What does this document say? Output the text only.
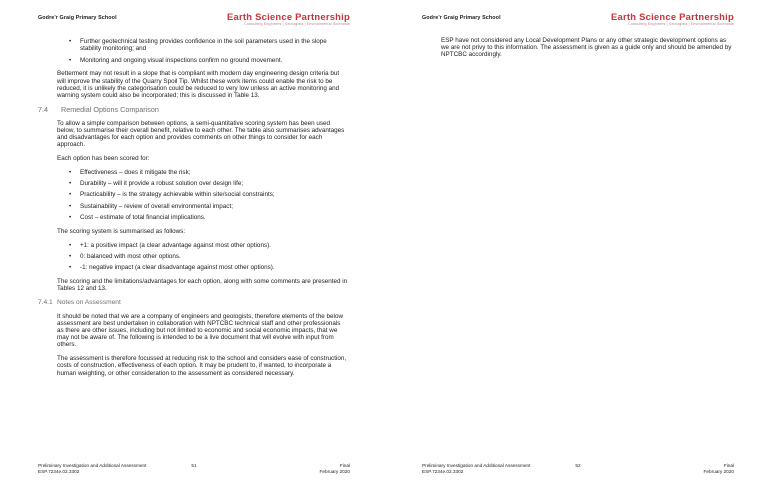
Godre'r Graig Primary School	Earth Science Partnership
Consulting Engineers | Geologists | Environmental Scientists
• Further geotechnical testing provides confidence in the soil parameters used in the slope stability monitoring; and
• Monitoring and ongoing visual inspections confirm no ground movement.
Betterment may not result in a slope that is compliant with modern day engineering design criteria but will improve the stability of the Quarry Spoil Tip. Whilst these work items could enable the risk to be reduced, it is unlikely the categorisation could be reduced to very low unless an active monitoring and warning system could also be incorporated; this is discussed in Table 13.
7.4	Remedial Options Comparison
To allow a simple comparison between options, a semi-quantitative scoring system has been used below, to summarise their overall benefit, relative to each other. The table also summarises advantages and disadvantages for each option and provides comments on other things to consider for each approach.
Each option has been scored for:
• Effectiveness – does it mitigate the risk;
• Durability – will it provide a robust solution over design life;
• Practicability – is the strategy achievable within site/social constraints;
• Sustainability – review of overall environmental impact;
• Cost – estimate of total financial implications.
The scoring system is summarised as follows:
• +1: a positive impact (a clear advantage against most other options).
• 0: balanced with most other options.
• -1: negative impact (a clear disadvantage against most other options).
The scoring and the limitations/advantages for each option, along with some comments are presented in Tables 12 and 13.
7.4.1 Notes on Assessment
It should be noted that we are a company of engineers and geologists, therefore elements of the below assessment are best undertaken in collaboration with NPTCBC technical staff and other professionals as there are other issues, including but not limited to economic and social economic impacts, that we may not be aware of. The following is intended to be a live document that will evolve with input from others.
The assessment is therefore focussed at reducing risk to the school and considers ease of construction, costs of construction, effectiveness of each option. It may be prudent to, if wanted, to incorporate a human weighting, or other consideration to the assessment as considered necessary.
Preliminary Investigation and Additional Assessment
ESP.7234e.02.3302
51	Final
February 2020
Godre'r Graig Primary School	Earth Science Partnership
Consulting Engineers | Geologists | Environmental Scientists
ESP have not considered any Local Development Plans or any other strategic development options as we are not privy to this information. The assessment is given as a guide only and should be amended by NPTCBC accordingly.
Preliminary Investigation and Additional Assessment
ESP.7234e.02.3302
52	Final
February 2020
